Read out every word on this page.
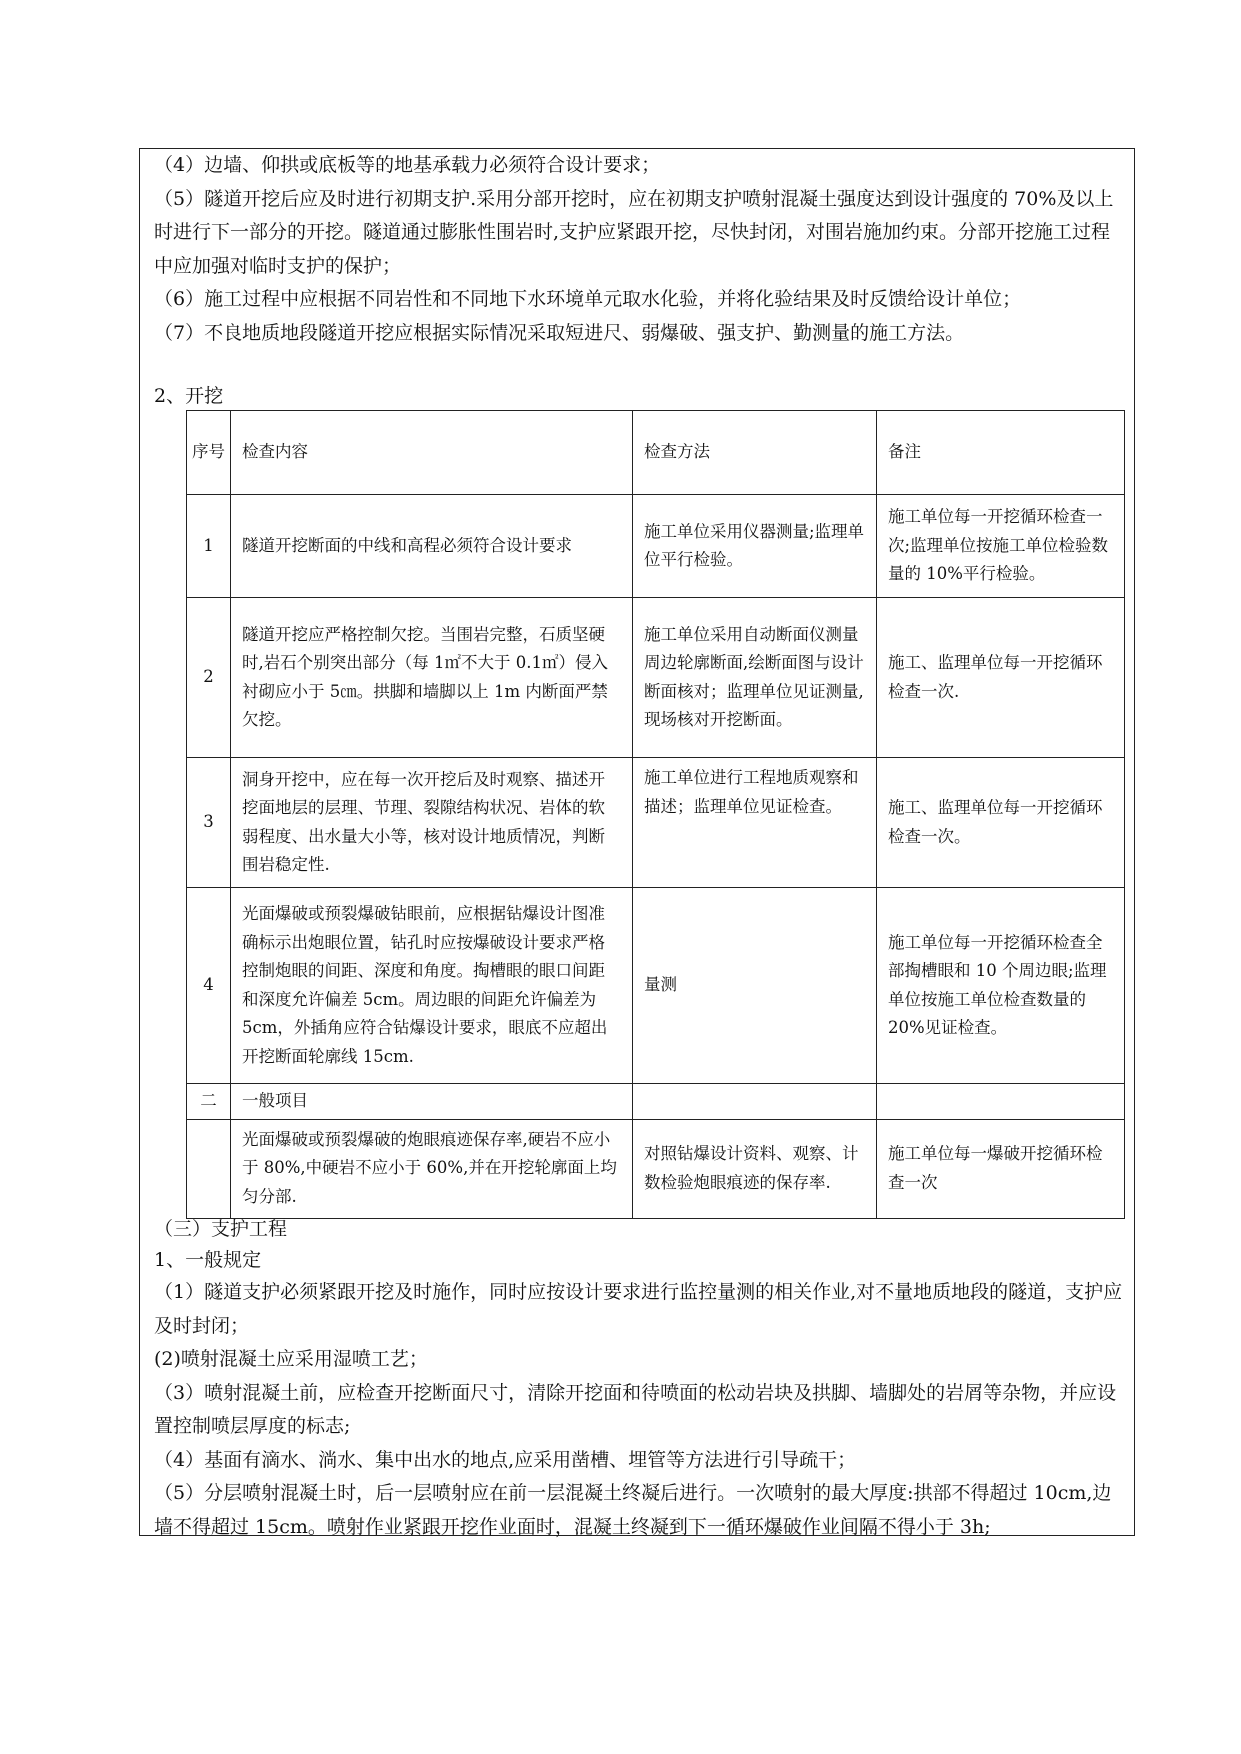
（4）边墙、仰拱或底板等的地基承载力必须符合设计要求；

（5）隧道开挖后应及时进行初期支护.采用分部开挖时，应在初期支护喷射混凝土强度达到设计强度的 70%及以上时进行下一部分的开挖。隧道通过膨胀性围岩时,支护应紧跟开挖，尽快封闭，对围岩施加约束。分部开挖施工过程中应加强对临时支护的保护；

（6）施工过程中应根据不同岩性和不同地下水环境单元取水化验，并将化验结果及时反馈给设计单位；

（7）不良地质地段隧道开挖应根据实际情况采取短进尺、弱爆破、强支护、勤测量的施工方法。

2、开挖
序号	检查内容	检查方法	备注
1	隧道开挖断面的中线和高程必须符合设计要求	施工单位采用仪器测量;监理单位平行检验。	施工单位每一开挖循环检查一次;监理单位按施工单位检验数量的 10%平行检验。
2	隧道开挖应严格控制欠挖。当围岩完整，石质坚硬时,岩石个别突出部分（每 1㎡不大于 0.1㎡）侵入衬砌应小于 5㎝。拱脚和墙脚以上 1m 内断面严禁欠挖。	施工单位采用自动断面仪测量周边轮廓断面,绘断面图与设计断面核对；监理单位见证测量,现场核对开挖断面。	施工、监理单位每一开挖循环检查一次.
3	洞身开挖中，应在每一次开挖后及时观察、描述开挖面地层的层理、节理、裂隙结构状况、岩体的软弱程度、出水量大小等，核对设计地质情况，判断围岩稳定性.	施工单位进行工程地质观察和描述；监理单位见证检查。	施工、监理单位每一开挖循环检查一次。
4	光面爆破或预裂爆破钻眼前，应根据钻爆设计图准确标示出炮眼位置，钻孔时应按爆破设计要求严格控制炮眼的间距、深度和角度。掏槽眼的眼口间距和深度允许偏差 5cm。周边眼的间距允许偏差为 5cm，外插角应符合钻爆设计要求，眼底不应超出开挖断面轮廓线 15cm.	量测	施工单位每一开挖循环检查全部掏槽眼和 10 个周边眼;监理单位按施工单位检查数量的 20%见证检查。
二	一般项目		
	光面爆破或预裂爆破的炮眼痕迹保存率,硬岩不应小于 80%,中硬岩不应小于 60%,并在开挖轮廓面上均匀分部.	对照钻爆设计资料、观察、计数检验炮眼痕迹的保存率.	施工单位每一爆破开挖循环检查一次
（三）支护工程
1、一般规定

（1）隧道支护必须紧跟开挖及时施作，同时应按设计要求进行监控量测的相关作业,对不量地质地段的隧道，支护应及时封闭；

(2)喷射混凝土应采用湿喷工艺；

（3）喷射混凝土前，应检查开挖断面尺寸，清除开挖面和待喷面的松动岩块及拱脚、墙脚处的岩屑等杂物，并应设置控制喷层厚度的标志;

（4）基面有滴水、淌水、集中出水的地点,应采用凿槽、埋管等方法进行引导疏干；

（5）分层喷射混凝土时，后一层喷射应在前一层混凝土终凝后进行。一次喷射的最大厚度:拱部不得超过 10cm,边墙不得超过 15cm。喷射作业紧跟开挖作业面时，混凝土终凝到下一循环爆破作业间隔不得小于 3h;
